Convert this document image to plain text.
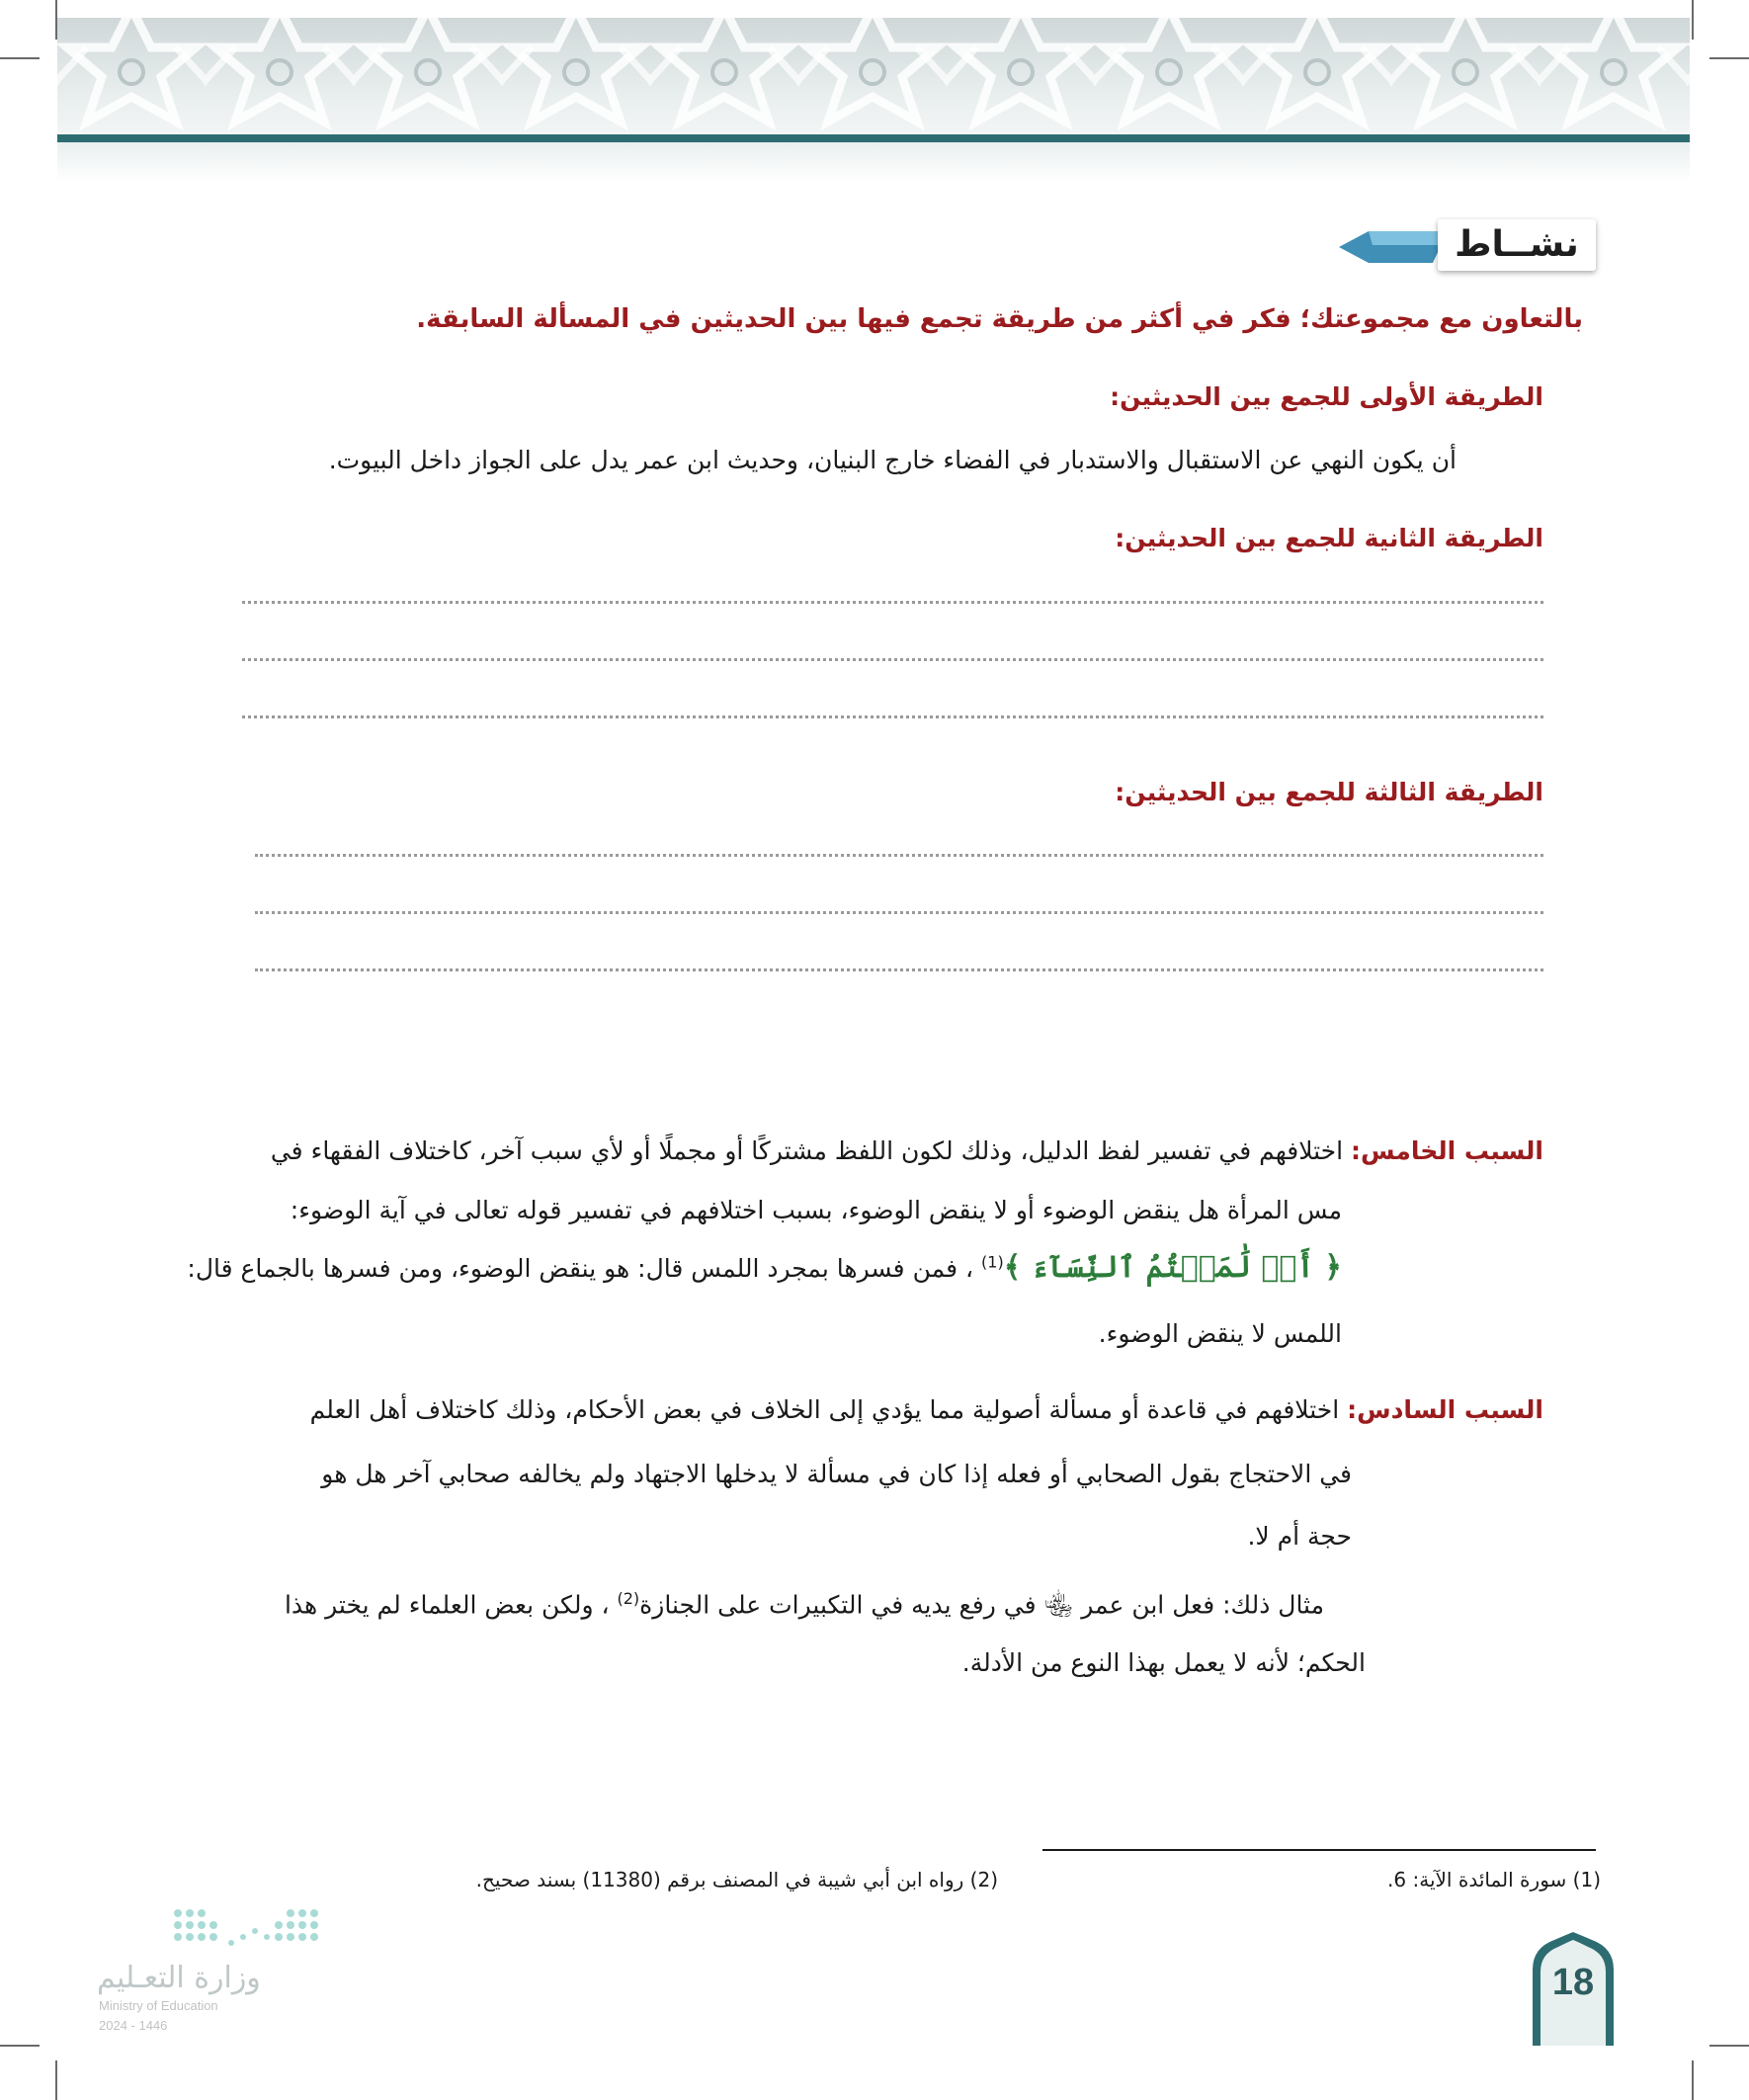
نشــاط
بالتعاون مع مجموعتك؛ فكر في أكثر من طريقة تجمع فيها بين الحديثين في المسألة السابقة.
الطريقة الأولى للجمع بين الحديثين:
أن يكون النهي عن الاستقبال والاستدبار في الفضاء خارج البنيان، وحديث ابن عمر يدل على الجواز داخل البيوت.
الطريقة الثانية للجمع بين الحديثين:
الطريقة الثالثة للجمع بين الحديثين:
السبب الخامس: اختلافهم في تفسير لفظ الدليل، وذلك لكون اللفظ مشتركًا أو مجملًا أو لأي سبب آخر، كاختلاف الفقهاء في
مس المرأة هل ينقض الوضوء أو لا ينقض الوضوء، بسبب اختلافهم في تفسير قوله تعالى في آية الوضوء:
﴿ أَوۡ لَٰمَسۡتُمُ ٱلنِّسَآءَ ﴾$^{(1)}$ ، فمن فسرها بمجرد اللمس قال: هو ينقض الوضوء، ومن فسرها بالجماع قال:
اللمس لا ينقض الوضوء.
السبب السادس: اختلافهم في قاعدة أو مسألة أصولية مما يؤدي إلى الخلاف في بعض الأحكام، وذلك كاختلاف أهل العلم
في الاحتجاج بقول الصحابي أو فعله إذا كان في مسألة لا يدخلها الاجتهاد ولم يخالفه صحابي آخر هل هو
حجة أم لا.
مثال ذلك: فعل ابن عمر ﵄ في رفع يديه في التكبيرات على الجنازة$^{(2)}$ ، ولكن بعض العلماء لم يختر هذا
الحكم؛ لأنه لا يعمل بهذا النوع من الأدلة.
(1) سورة المائدة الآية: 6.
(2) رواه ابن أبي شيبة في المصنف برقم (11380) بسند صحيح.
وزارة التعـليم
Ministry of Education
2024 - 1446
18
